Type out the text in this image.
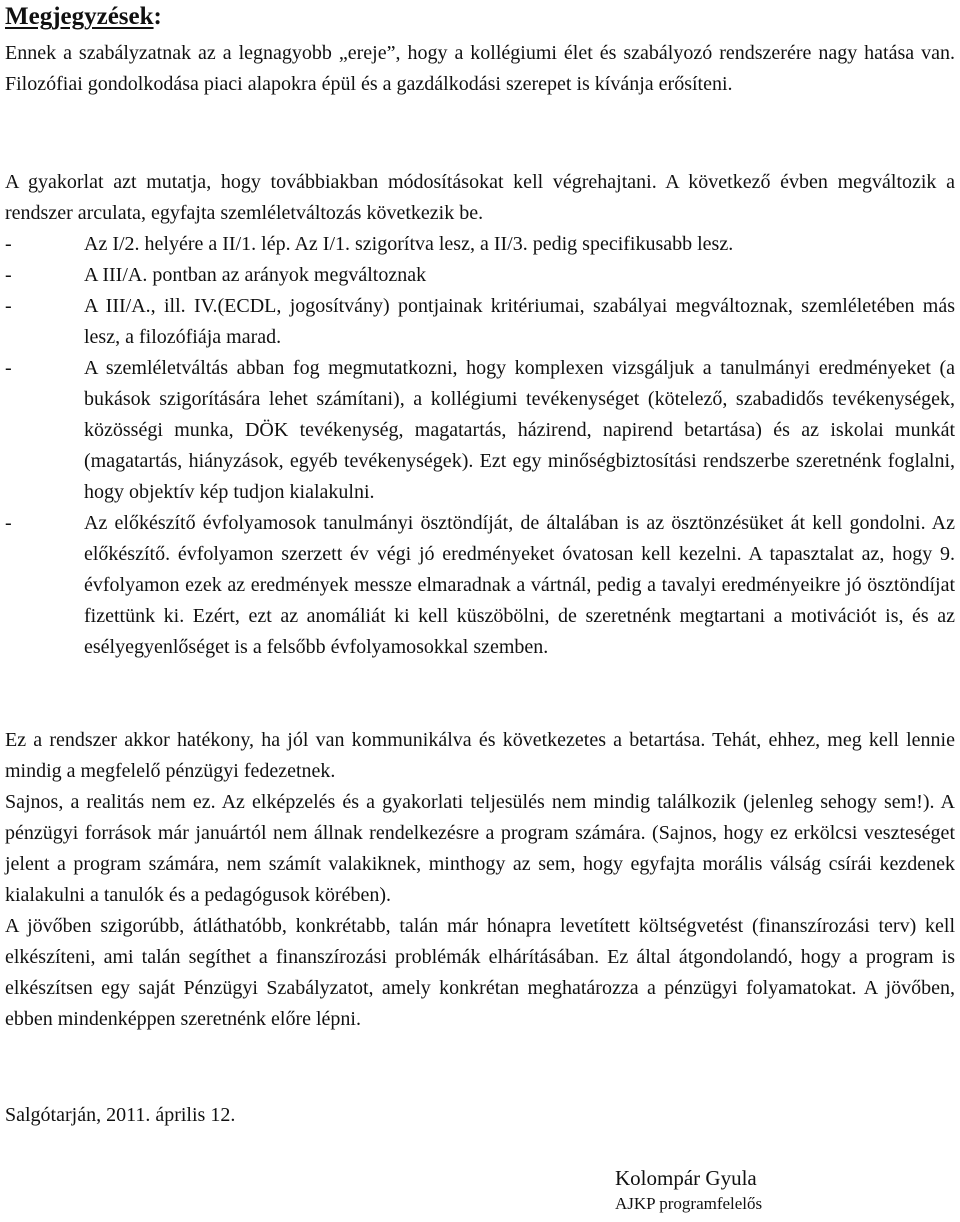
Megjegyzések:

Ennek a szabályzatnak az a legnagyobb „ereje”, hogy a kollégiumi élet és szabályozó rendszerére nagy hatása van. Filozófiai gondolkodása piaci alapokra épül és a gazdálkodási szerepet is kívánja erősíteni.

A gyakorlat azt mutatja, hogy továbbiakban módosításokat kell végrehajtani. A következő évben megváltozik a rendszer arculata, egyfajta szemléletváltozás következik be.

-	Az I/2. helyére a II/1. lép. Az I/1. szigorítva lesz, a II/3. pedig specifikusabb lesz.
-	A III/A. pontban az arányok megváltoznak
-	A III/A., ill. IV.(ECDL, jogosítvány) pontjainak kritériumai, szabályai megváltoznak, szemléletében más lesz, a filozófiája marad.
-	A szemléletváltás abban fog megmutatkozni, hogy komplexen vizsgáljuk a tanulmányi eredményeket (a bukások szigorítására lehet számítani), a kollégiumi tevékenységet (kötelező, szabadidős tevékenységek, közösségi munka, DÖK tevékenység, magatartás, házirend, napirend betartása) és az iskolai munkát (magatartás, hiányzások, egyéb tevékenységek). Ezt egy minőségbiztosítási rendszerbe szeretnénk foglalni, hogy objektív kép tudjon kialakulni.
-	Az előkészítő évfolyamosok tanulmányi ösztöndíját, de általában is az ösztönzésüket át kell gondolni. Az előkészítő. évfolyamon szerzett év végi jó eredményeket óvatosan kell kezelni. A tapasztalat az, hogy 9. évfolyamon ezek az eredmények messze elmaradnak a vártnál, pedig a tavalyi eredményeikre jó ösztöndíjat fizettünk ki. Ezért, ezt az anomáliát ki kell küszöbölni, de szeretnénk megtartani a motivációt is, és az esélyegyenlőséget is a felsőbb évfolyamosokkal szemben.

Ez a rendszer akkor hatékony, ha jól van kommunikálva és következetes a betartása. Tehát, ehhez, meg kell lennie mindig a megfelelő pénzügyi fedezetnek.

Sajnos, a realitás nem ez. Az elképzelés és a gyakorlati teljesülés nem mindig találkozik (jelenleg sehogy sem!). A pénzügyi források már januártól nem állnak rendelkezésre a program számára. (Sajnos, hogy ez erkölcsi veszteséget jelent a program számára, nem számít valakiknek, minthogy az sem, hogy egyfajta morális válság csírái kezdenek kialakulni a tanulók és a pedagógusok körében).

A jövőben szigorúbb, átláthatóbb, konkrétabb, talán már hónapra levetített költségvetést (finanszírozási terv) kell elkészíteni, ami talán segíthet a finanszírozási problémák elhárításában. Ez által átgondolandó, hogy a program is elkészítsen egy saját Pénzügyi Szabályzatot, amely konkrétan meghatározza a pénzügyi folyamatokat. A jövőben, ebben mindenképpen szeretnénk előre lépni.

Salgótarján, 2011. április 12.
Kolompár Gyula
AJKP programfelelős
